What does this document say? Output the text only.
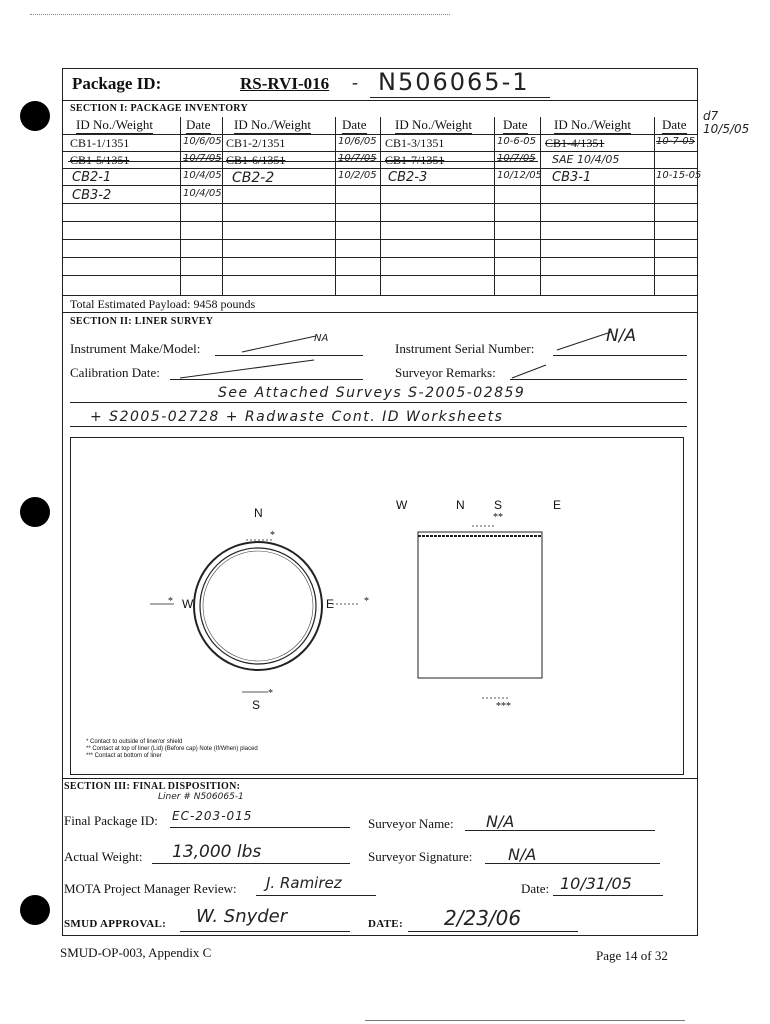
Package ID:	RS-RVI-016 - N506065-1
d7 10/5/05
SECTION I: PACKAGE INVENTORY
ID No./Weight	Date ID No./Weight Date ID No./Weight Date ID No./Weight Date
CB1-1/1351	10/6/05 CB1-2/1351	10/6/05 CB1-3/1351	10-6-05 CB1-4/1351	10-7-05
CB1-5/1351	10/7/05 CB1-6/1351	10/7/05 CB1-7/1351	10/7/05 SAE 10/4/05
CB2-1	10/4/05 CB2-2	10/2/05 CB2-3	10/12/05 CB3-1	10-15-05
CB3-2	10/4/05
Total Estimated Payload: 9458 pounds
SECTION II: LINER SURVEY
Instrument Make/Model:
NA
Instrument Serial Number:
N/A
Calibration Date:	Surveyor Remarks:
See Attached Surveys S-2005-02859
+ S2005-02728 + Radwaste Cont. ID Worksheets
N
W	E
S
*
*	*
*
W	N S	E
**
***
* Contact to outside of liner/or shield
** Contact at top of liner (Lid) (Before cap) Note (If/When) placed
*** Contact at bottom of liner
SECTION III: FINAL DISPOSITION:
Liner # N506065-1
Final Package ID: EC-203-015	Surveyor Name: N/A
Actual Weight: 13,000 lbs	Surveyor Signature: N/A
MOTA Project Manager Review: J. Ramirez	Date: 10/31/05
SMUD APPROVAL: W. Snyder	DATE: 2/23/06
SMUD-OP-003, Appendix C	Page 14 of 32
